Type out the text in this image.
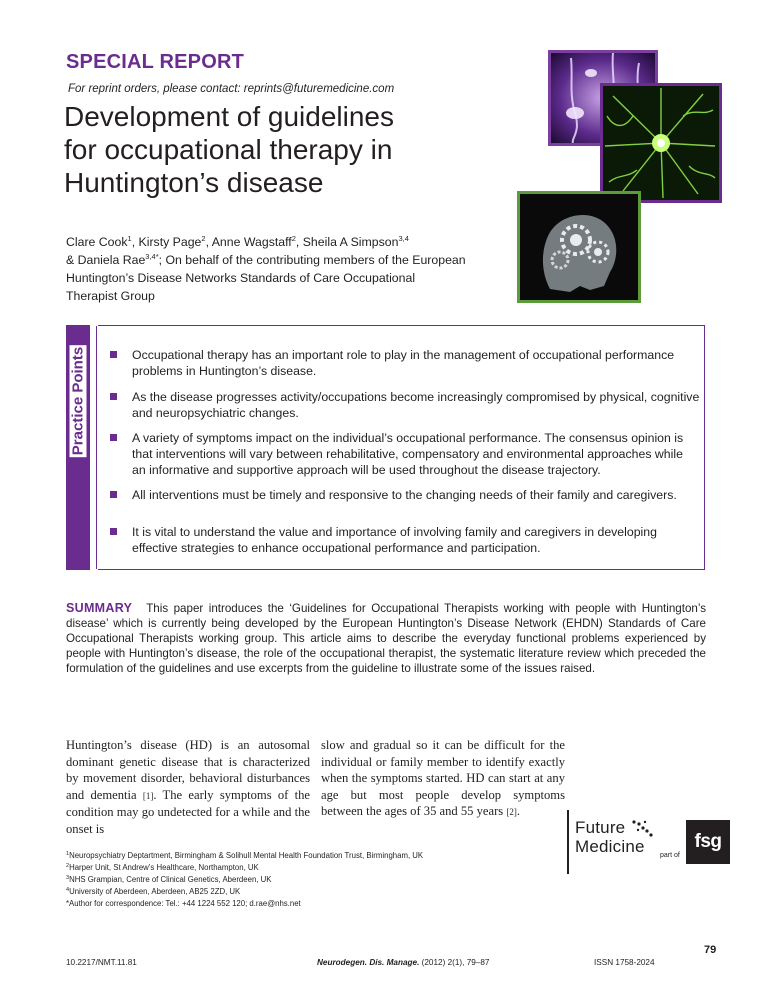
SPECIAL REPORT
For reprint orders, please contact: reprints@futuremedicine.com
Development of guidelines
for occupational therapy in
Huntington’s disease
Clare Cook$^1$, Kirsty Page$^2$, Anne Wagstaff$^2$, Sheila A Simpson$^{3,4}$
& Daniela Rae$^{3,4*}$; On behalf of the contributing members of the European Huntington’s Disease Networks Standards of Care Occupational Therapist Group
Practice Points	Occupational therapy has an important role to play in the management of occupational performance problems in Huntington’s disease.
As the disease progresses activity/occupations become increasingly compromised by physical, cognitive and neuropsychiatric changes.
A variety of symptoms impact on the individual’s occupational performance. The consensus opinion is that interventions will vary between rehabilitative, compensatory and environmental approaches while an informative and supportive approach will be used throughout the disease trajectory.
All interventions must be timely and responsive to the changing needs of their family and caregivers.
It is vital to understand the value and importance of involving family and caregivers in developing effective strategies to enhance occupational performance and participation.

SUMMARY This paper introduces the ‘Guidelines for Occupational Therapists working with people with Huntington’s disease’ which is currently being developed by the European Huntington’s Disease Network (EHDN) Standards of Care Occupational Therapists working group. This article aims to describe the everyday functional problems experienced by people with Huntington’s disease, the role of the occupational therapist, the systematic literature review which preceded the formulation of the guidelines and use excerpts from the guideline to illustrate some of the issues raised.

Huntington’s disease (HD) is an autosomal dominant genetic disease that is characterized by movement disorder, behavioral disturbances and dementia [1]. The early symptoms of the condition may go undetected for a while and the onset is

slow and gradual so it can be difficult for the individual or family member to identify exactly when the symptoms started. HD can start at any age but most people develop symptoms between the ages of 35 and 55 years [2].

$^1$Neuropsychiatry Deptartment, Birmingham & Solihull Mental Health Foundation Trust, Birmingham, UK
$^2$Harper Unit, St Andrew’s Healthcare, Northampton, UK
$^3$NHS Grampian, Centre of Clinical Genetics, Aberdeen, UK
$^4$University of Aberdeen, Aberdeen, AB25 2ZD, UK
*Author for correspondence: Tel.: +44 1224 552 120; d.rae@nhs.net
Future
Medicine part of
fsg
10.2217/NMT.11.81	Neurodegen. Dis. Manage. (2012) 2(1), 79–87	ISSN 1758-2024
79
